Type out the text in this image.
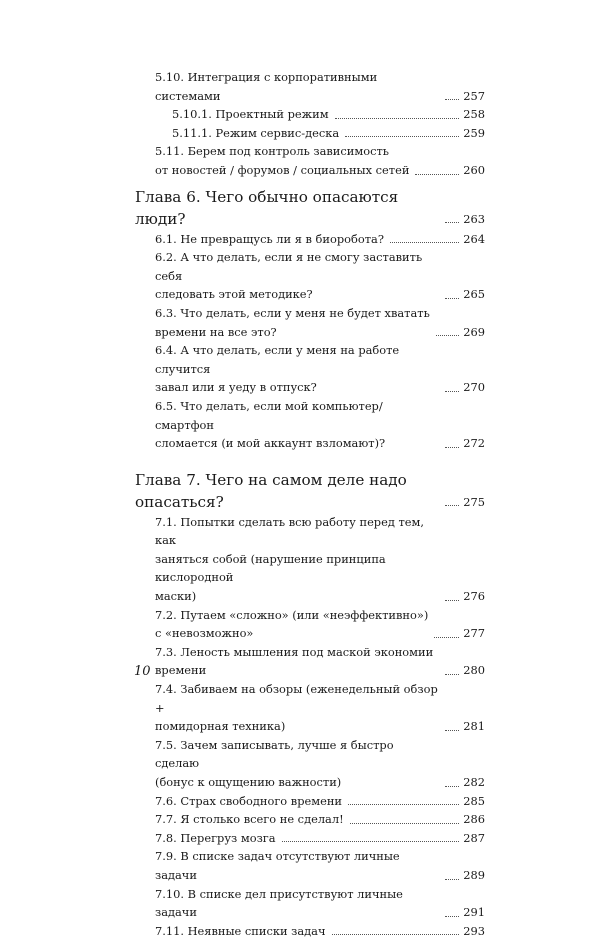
5.10. Интеграция с корпоративными системами	257
5.10.1. Проектный режим	258
5.11.1. Режим сервис-деска	259
5.11. Берем под контроль зависимость
от новостей / форумов / социальных сетей	260
Глава 6. Чего обычно опасаются люди?	263
6.1. Не превращусь ли я в биоробота?	264
6.2. А что делать, если я не смогу заставить себя
следовать этой методике?	265
6.3. Что делать, если у меня не будет хватать
времени на все это?	269
6.4. А что делать, если у меня на работе случится
завал или я уеду в отпуск?	270
6.5. Что делать, если мой компьютер/смартфон
сломается (и мой аккаунт взломают)?	272
Глава 7. Чего на самом деле надо опасаться?	275
7.1. Попытки сделать всю работу перед тем, как
заняться собой (нарушение принципа кислородной
маски)	276
7.2. Путаем «сложно» (или «неэффективно»)
с «невозможно»	277
7.3. Леность мышления под маской экономии времени	280
7.4. Забиваем на обзоры (еженедельный обзор +
помидорная техника)	281
7.5. Зачем записывать, лучше я быстро сделаю
(бонус к ощущению важности)	282
7.6. Страх свободного времени	285
7.7. Я столько всего не сделал!	286
7.8. Перегруз мозга	287
7.9. В списке задач отсутствуют личные задачи	289
7.10. В списке дел присутствуют личные задачи	291
7.11. Неявные списки задач	293
10
